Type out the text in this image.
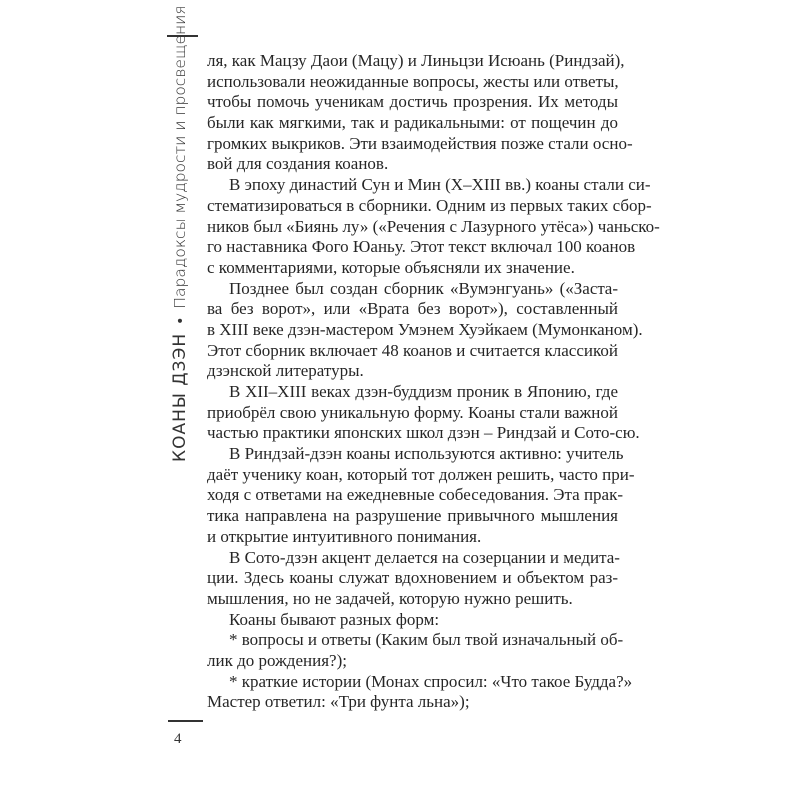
КОАНЫ ДЗЭН•Парадоксы мудрости и просвещения ля, как Мацзу Даои (Мацу) и Линьцзи Исюань (Риндзай),
использовали неожиданные вопросы, жесты или ответы,
чтобы помочь ученикам достичь прозрения. Их методы
были как мягкими, так и радикальными: от пощечин до
громких выкриков. Эти взаимодействия позже стали осно-
вой для создания коанов.
В эпоху династий Сун и Мин (X–XIII вв.) коаны стали си-
стематизироваться в сборники. Одним из первых таких сбор-
ников был «Биянь лу» («Речения с Лазурного утёса») чаньско-
го наставника Фого Юаньу. Этот текст включал 100 коанов
с комментариями, которые объясняли их значение.
Позднее был создан сборник «Вумэнгуань» («Застa-
ва без ворот», или «Врата без ворот»), составленный
в XIII веке дзэн-мастером Умэнем Хуэйкаем (Мумонканом).
Этот сборник включает 48 коанов и считается классикой
дзэнской литературы.
В XII–XIII веках дзэн-буддизм проник в Японию, где
приобрёл свою уникальную форму. Коаны стали важной
частью практики японских школ дзэн – Риндзай и Сото-сю.
В Риндзай-дзэн коаны используются активно: учитель
даёт ученику коан, который тот должен решить, часто при-
ходя с ответами на ежедневные собеседования. Эта прак-
тика направлена на разрушение привычного мышления
и открытие интуитивного понимания.
В Сото-дзэн акцент делается на созерцании и медита-
ции. Здесь коаны служат вдохновением и объектом раз-
мышления, но не задачей, которую нужно решить.
Коаны бывают разных форм:
* вопросы и ответы (Каким был твой изначальный об-
лик до рождения?);
* краткие истории (Монах спросил: «Что такое Будда?»
Мастер ответил: «Три фунта льна»);
4
